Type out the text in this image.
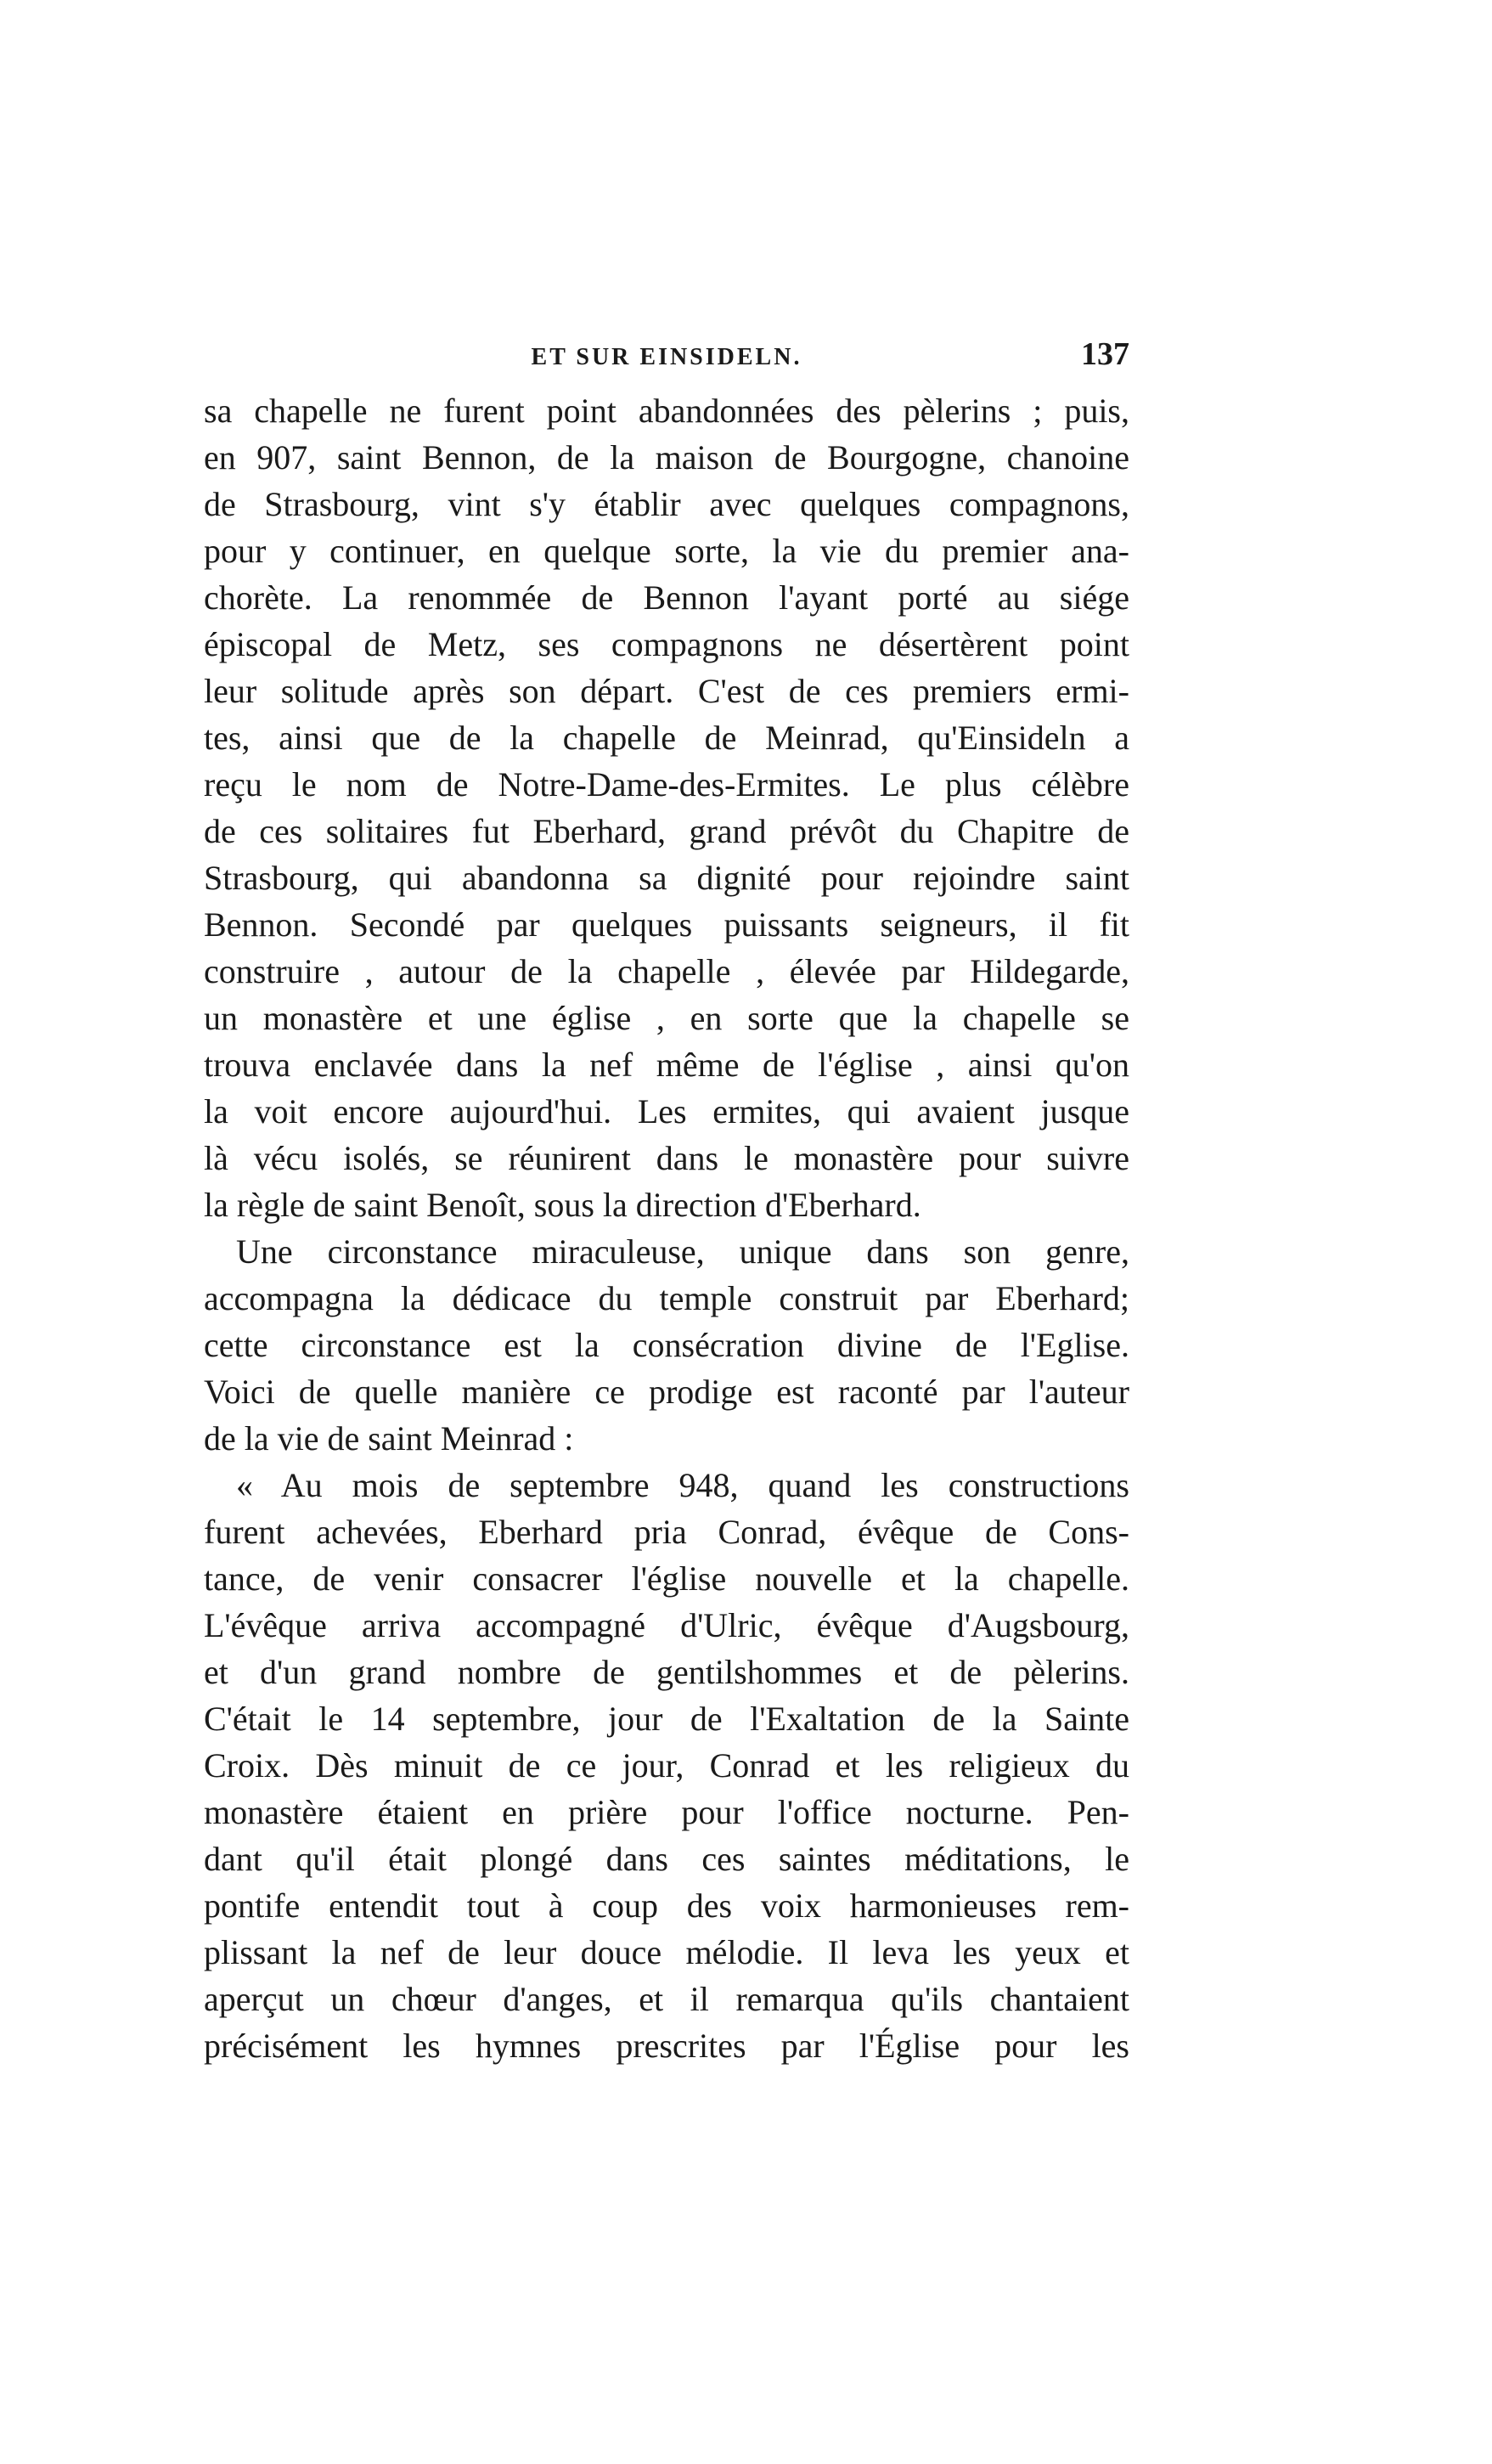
ET SUR EINSIDELN.	137
sa chapelle ne furent point abandonnées des pèlerins ; puis,
en 907, saint Bennon, de la maison de Bourgogne, chanoine
de Strasbourg, vint s'y établir avec quelques compagnons,
pour y continuer, en quelque sorte, la vie du premier ana-
chorète. La renommée de Bennon l'ayant porté au siége
épiscopal de Metz, ses compagnons ne désertèrent point
leur solitude après son départ. C'est de ces premiers ermi-
tes, ainsi que de la chapelle de Meinrad, qu'Einsideln a
reçu le nom de Notre-Dame-des-Ermites. Le plus célèbre
de ces solitaires fut Eberhard, grand prévôt du Chapitre de
Strasbourg, qui abandonna sa dignité pour rejoindre saint
Bennon. Secondé par quelques puissants seigneurs, il fit
construire , autour de la chapelle , élevée par Hildegarde,
un monastère et une église , en sorte que la chapelle se
trouva enclavée dans la nef même de l'église , ainsi qu'on
la voit encore aujourd'hui. Les ermites, qui avaient jusque
là vécu isolés, se réunirent dans le monastère pour suivre
la règle de saint Benoît, sous la direction d'Eberhard.
Une circonstance miraculeuse, unique dans son genre,
accompagna la dédicace du temple construit par Eberhard;
cette circonstance est la consécration divine de l'Eglise.
Voici de quelle manière ce prodige est raconté par l'auteur
de la vie de saint Meinrad :
« Au mois de septembre 948, quand les constructions
furent achevées, Eberhard pria Conrad, évêque de Cons-
tance, de venir consacrer l'église nouvelle et la chapelle.
L'évêque arriva accompagné d'Ulric, évêque d'Augsbourg,
et d'un grand nombre de gentilshommes et de pèlerins.
C'était le 14 septembre, jour de l'Exaltation de la Sainte
Croix. Dès minuit de ce jour, Conrad et les religieux du
monastère étaient en prière pour l'office nocturne. Pen-
dant qu'il était plongé dans ces saintes méditations, le
pontife entendit tout à coup des voix harmonieuses rem-
plissant la nef de leur douce mélodie. Il leva les yeux et
aperçut un chœur d'anges, et il remarqua qu'ils chantaient
précisément les hymnes prescrites par l'Église pour les
